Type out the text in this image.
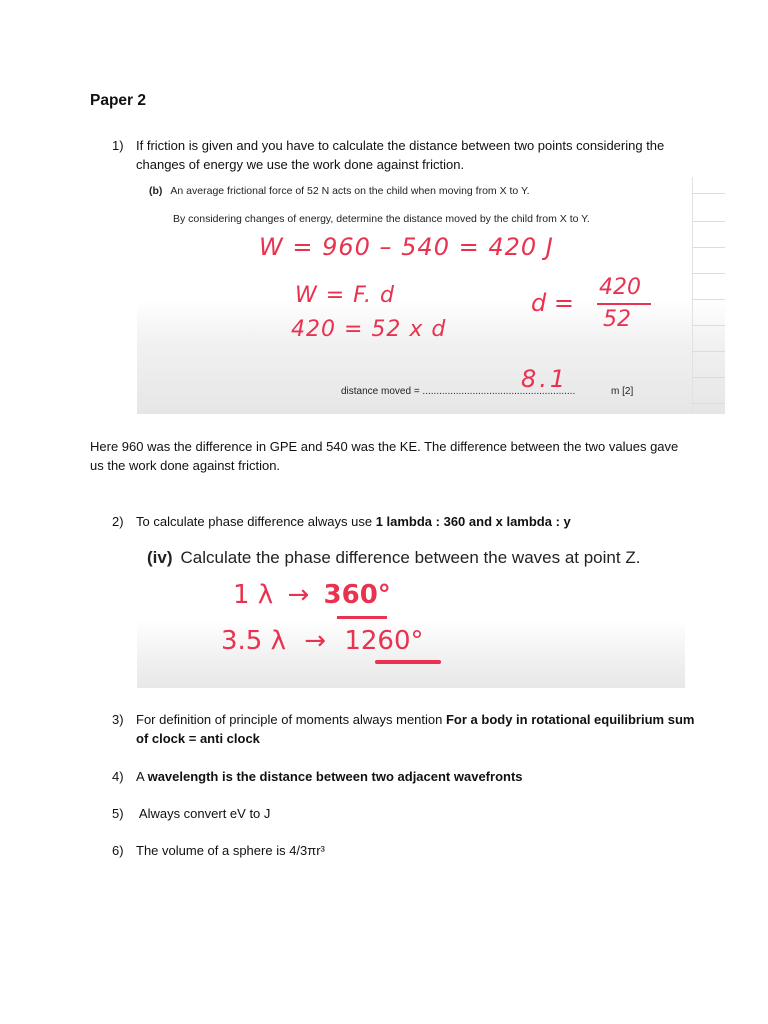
Paper 2
1) If friction is given and you have to calculate the distance between two points considering the changes of energy we use the work done against friction.
(b) An average frictional force of 52 N acts on the child when moving from X to Y.
By considering changes of energy, determine the distance moved by the child from X to Y.
W = 960 – 540 = 420 J
W = F. d
420 = 52 x d
d =
420
52
distance moved = .......................................................
8.1	m [2]
Here 960 was the difference in GPE and 540 was the KE. The difference between the two values gave us the work done against friction.
2) To calculate phase difference always use 1 lambda : 360 and x lambda : y
(iv) Calculate the phase difference between the waves at point Z.
1 λ → 360°
3.5 λ → 1260°
3) For definition of principle of moments always mention For a body in rotational equilibrium sum of clock = anti clock
4) A wavelength is the distance between two adjacent wavefronts
5) Always convert eV to J
6) The volume of a sphere is 4/3πr³
